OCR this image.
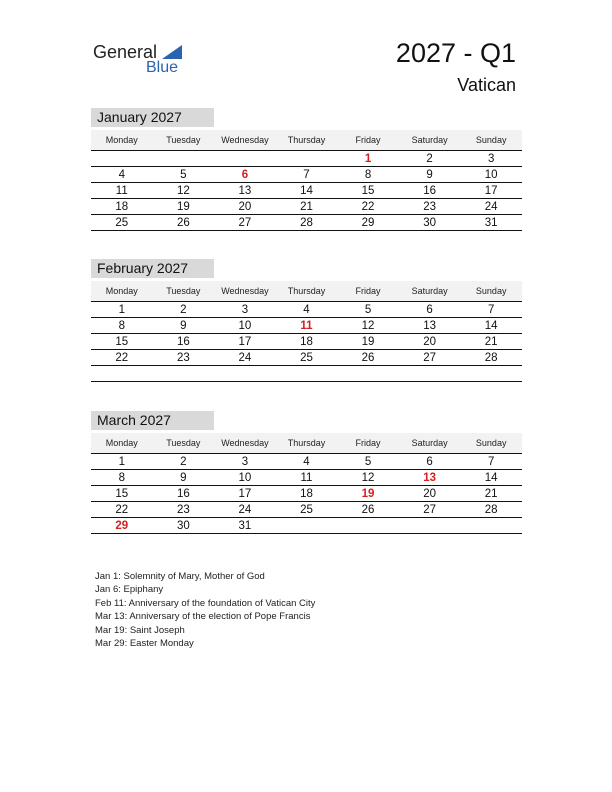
General
Blue	2027 - Q1
Vatican
January 2027
Monday	Tuesday	Wednesday	Thursday	Friday	Saturday	Sunday
				1	2	3
4	5	6	7	8	9	10
11	12	13	14	15	16	17
18	19	20	21	22	23	24
25	26	27	28	29	30	31
February 2027
Monday	Tuesday	Wednesday	Thursday	Friday	Saturday	Sunday
1	2	3	4	5	6	7
8	9	10	11	12	13	14
15	16	17	18	19	20	21
22	23	24	25	26	27	28

March 2027
Monday	Tuesday	Wednesday	Thursday	Friday	Saturday	Sunday
1	2	3	4	5	6	7
8	9	10	11	12	13	14
15	16	17	18	19	20	21
22	23	24	25	26	27	28
29	30	31				
Jan 1: Solemnity of Mary, Mother of God
Jan 6: Epiphany
Feb 11: Anniversary of the foundation of Vatican City
Mar 13: Anniversary of the election of Pope Francis
Mar 19: Saint Joseph
Mar 29: Easter Monday
